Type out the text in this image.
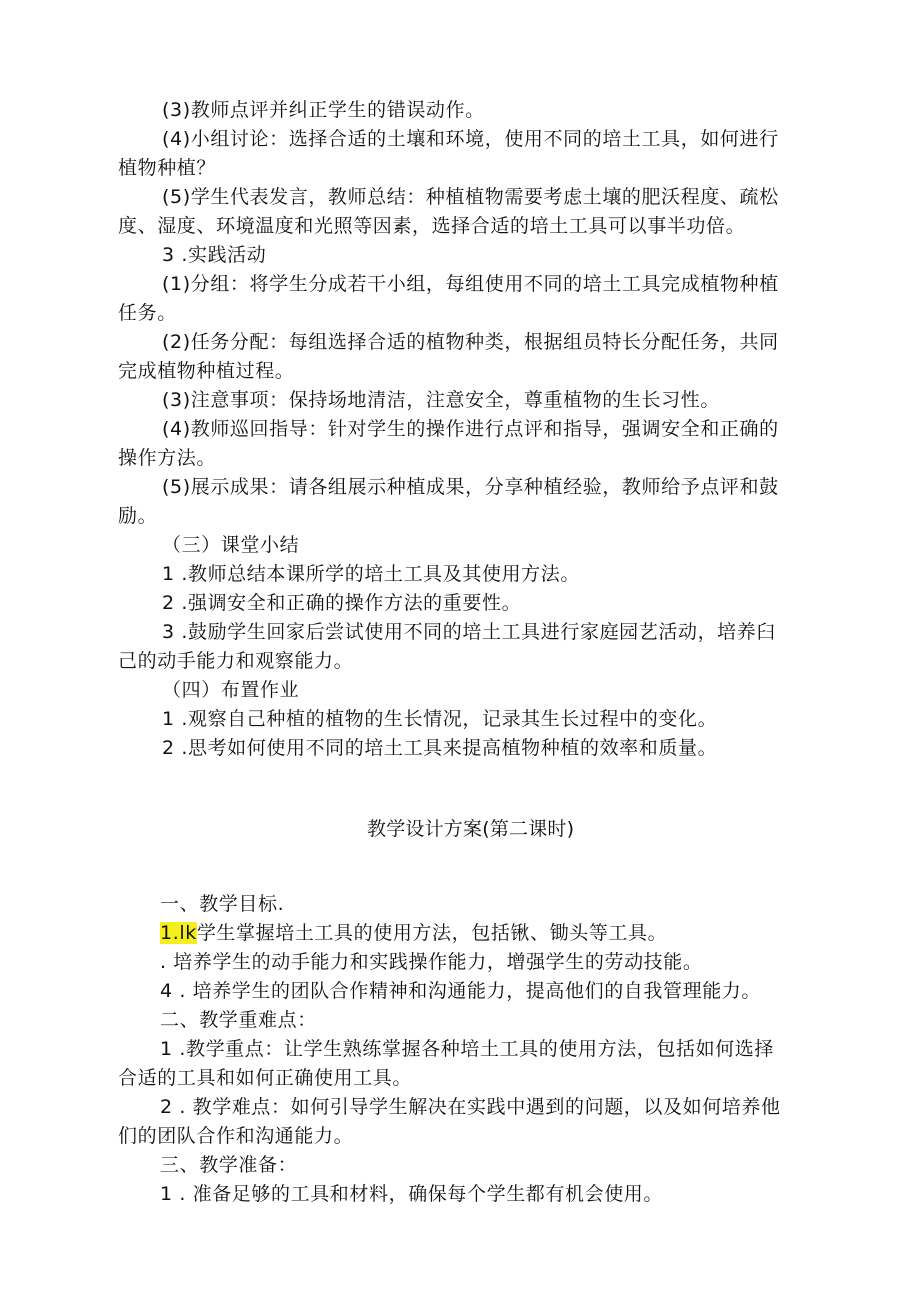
(3)教师点评并纠正学生的错误动作。
(4)小组讨论：选择合适的土壤和环境，使用不同的培土工具，如何进行
植物种植？
(5)学生代表发言，教师总结：种植植物需要考虑土壤的肥沃程度、疏松
度、湿度、环境温度和光照等因素，选择合适的培土工具可以事半功倍。
3 .实践活动
(1)分组：将学生分成若干小组，每组使用不同的培土工具完成植物种植
任务。
(2)任务分配：每组选择合适的植物种类，根据组员特长分配任务，共同
完成植物种植过程。
(3)注意事项：保持场地清洁，注意安全，尊重植物的生长习性。
(4)教师巡回指导：针对学生的操作进行点评和指导，强调安全和正确的
操作方法。
(5)展示成果：请各组展示种植成果，分享种植经验，教师给予点评和鼓
励。
（三）课堂小结
1 .教师总结本课所学的培土工具及其使用方法。
2 .强调安全和正确的操作方法的重要性。
3 .鼓励学生回家后尝试使用不同的培土工具进行家庭园艺活动，培养臼
己的动手能力和观察能力。
（四）布置作业
1 .观察自己种植的植物的生长情况，记录其生长过程中的变化。
2 .思考如何使用不同的培土工具来提高植物种植的效率和质量。
教学设计方案(第二课时)
一、教学目标.
1.lk学生掌握培土工具的使用方法，包括锹、锄头等工具。
. 培养学生的动手能力和实践操作能力，增强学生的劳动技能。
4 . 培养学生的团队合作精神和沟通能力，提高他们的自我管理能力。
二、教学重难点：
1 .教学重点：让学生熟练掌握各种培土工具的使用方法，包括如何选择
合适的工具和如何正确使用工具。
2 . 教学难点：如何引导学生解决在实践中遇到的问题，以及如何培养他
们的团队合作和沟通能力。
三、教学准备：
1 . 准备足够的工具和材料，确保每个学生都有机会使用。
